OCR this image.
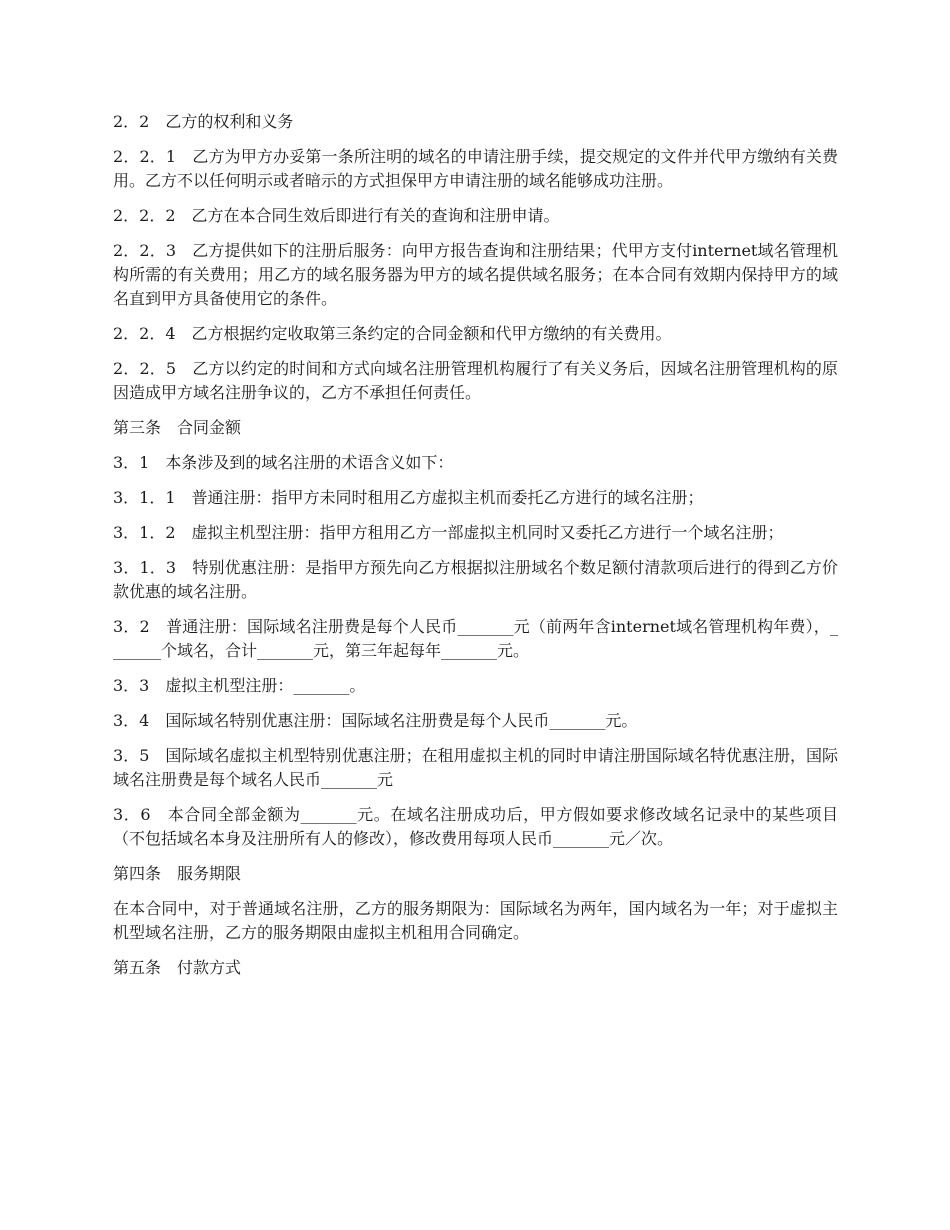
2．2　乙方的权利和义务

2．2．1　乙方为甲方办妥第一条所注明的域名的申请注册手续，提交规定的文件并代甲方缴纳有关费用。乙方不以任何明示或者暗示的方式担保甲方申请注册的域名能够成功注册。

2．2．2　乙方在本合同生效后即进行有关的查询和注册申请。

2．2．3　乙方提供如下的注册后服务：向甲方报告查询和注册结果；代甲方支付internet域名管理机构所需的有关费用；用乙方的域名服务器为甲方的域名提供域名服务；在本合同有效期内保持甲方的域名直到甲方具备使用它的条件。

2．2．4　乙方根据约定收取第三条约定的合同金额和代甲方缴纳的有关费用。

2．2．5　乙方以约定的时间和方式向域名注册管理机构履行了有关义务后，因域名注册管理机构的原因造成甲方域名注册争议的，乙方不承担任何责任。

第三条　合同金额

3．1　本条涉及到的域名注册的术语含义如下：

3．1．1　普通注册：指甲方未同时租用乙方虚拟主机而委托乙方进行的域名注册；

3．1．2　虚拟主机型注册：指甲方租用乙方一部虚拟主机同时又委托乙方进行一个域名注册；

3．1．3　特别优惠注册：是指甲方预先向乙方根据拟注册域名个数足额付清款项后进行的得到乙方价款优惠的域名注册。

3．2　普通注册：国际域名注册费是每个人民币_______元（前两年含internet域名管理机构年费），_______个域名，合计_______元，第三年起每年_______元。

3．3　虚拟主机型注册：_______。

3．4　国际域名特别优惠注册：国际域名注册费是每个人民币_______元。

3．5　国际域名虚拟主机型特别优惠注册；在租用虚拟主机的同时申请注册国际域名特优惠注册，国际域名注册费是每个域名人民币_______元

3．6　本合同全部金额为_______元。在域名注册成功后，甲方假如要求修改域名记录中的某些项目（不包括域名本身及注册所有人的修改），修改费用每项人民币_______元／次。

第四条　服务期限

在本合同中，对于普通域名注册，乙方的服务期限为：国际域名为两年，国内域名为一年；对于虚拟主机型域名注册，乙方的服务期限由虚拟主机租用合同确定。

第五条　付款方式
